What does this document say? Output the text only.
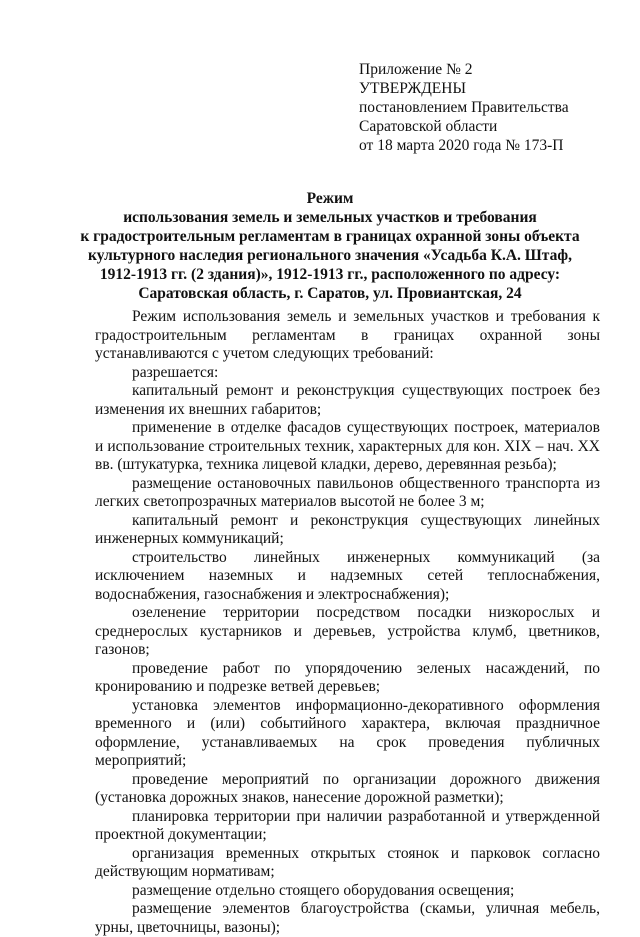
Приложение № 2

УТВЕРЖДЕНЫ

постановлением Правительства

Саратовской области

от 18 марта 2020 года № 173-П

Режим

использования земель и земельных участков и требования

к градостроительным регламентам в границах охранной зоны объекта

культурного наследия регионального значения «Усадьба К.А. Штаф,

1912-1913 гг. (2 здания)», 1912-1913 гг., расположенного по адресу:

Саратовская область, г. Саратов, ул. Провиантская, 24

Режим использования земель и земельных участков и требования к градостроительным регламентам в границах охранной зоны устанавливаются с учетом следующих требований:

разрешается:

капитальный ремонт и реконструкция существующих построек без изменения их внешних габаритов;

применение в отделке фасадов существующих построек, материалов и использование строительных техник, характерных для кон. XIX – нач. XX вв. (штукатурка, техника лицевой кладки, дерево, деревянная резьба);

размещение остановочных павильонов общественного транспорта из легких светопрозрачных материалов высотой не более 3 м;

капитальный ремонт и реконструкция существующих линейных инженерных коммуникаций;

строительство линейных инженерных коммуникаций (за исключением наземных и надземных сетей теплоснабжения, водоснабжения, газоснабжения и электроснабжения);

озеленение территории посредством посадки низкорослых и среднерослых кустарников и деревьев, устройства клумб, цветников, газонов;

проведение работ по упорядочению зеленых насаждений, по кронированию и подрезке ветвей деревьев;

установка элементов информационно-декоративного оформления временного и (или) событийного характера, включая праздничное оформление, устанавливаемых на срок проведения публичных мероприятий;

проведение мероприятий по организации дорожного движения (установка дорожных знаков, нанесение дорожной разметки);

планировка территории при наличии разработанной и утвержденной проектной документации;

организация временных открытых стоянок и парковок согласно действующим нормативам;

размещение отдельно стоящего оборудования освещения;

размещение элементов благоустройства (скамьи, уличная мебель, урны, цветочницы, вазоны);
